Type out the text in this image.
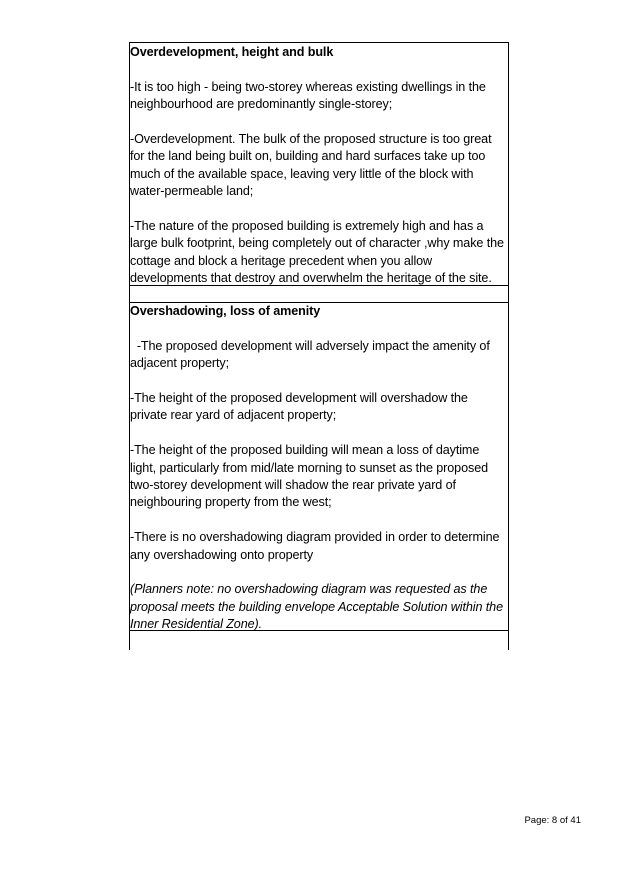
Overdevelopment, height and bulk
-It is too high - being two-storey whereas existing dwellings in the neighbourhood are predominantly single-storey;
-Overdevelopment. The bulk of the proposed structure is too great for the land being built on, building and hard surfaces take up too much of the available space, leaving very little of the block with water-permeable land;
-The nature of the proposed building is extremely high and has a large bulk footprint, being completely out of character ,why make the cottage and block a heritage precedent when you allow developments that destroy and overwhelm the heritage of the site.
Overshadowing, loss of amenity
-The proposed development will adversely impact the amenity of adjacent property;
-The height of the proposed development will overshadow the private rear yard of adjacent property;
-The height of the proposed building will mean a loss of daytime light, particularly from mid/late morning to sunset as the proposed two-storey development will shadow the rear private yard of neighbouring property from the west;
-There is no overshadowing diagram provided in order to determine any overshadowing onto property
(Planners note: no overshadowing diagram was requested as the proposal meets the building envelope Acceptable Solution within the Inner Residential Zone).
Page: 8 of 41
